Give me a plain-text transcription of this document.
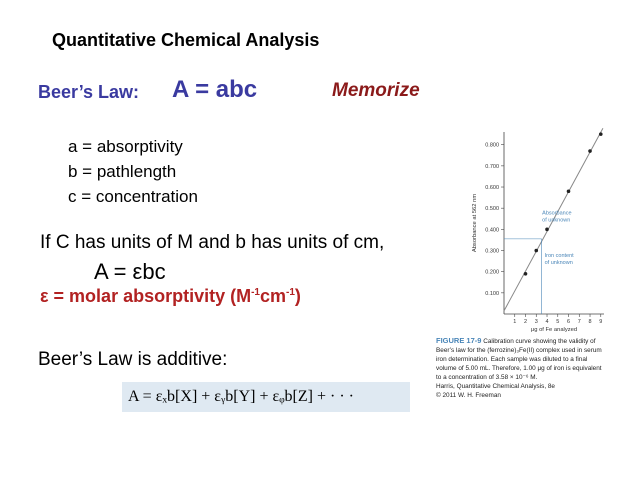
Quantitative Chemical Analysis
Beer’s Law: A = abc	Memorize
a = absorptivity
b = pathlength
c = concentration
If C has units of M and b has units of cm,
A = εbc
ε = molar absorptivity $(M^{-1}cm^{-1})$
Beer’s Law is additive:
A = εₓb[X] + εᵧb[Y] + εᵩb[Z] + · · ·
0.100
0.200
0.300
0.400
0.500
0.600
0.700
0.800
1 2 3 4 5 6 7 8 9
μg of Fe analyzed
Absorbance at 562 nm	Absorbance
of unknown
Iron content
of unknown
FIGURE 17-9 Calibration curve showing the validity of Beer’s law for the (ferrozine)₃Fe(II) complex used in serum iron determination. Each sample was diluted to a final volume of 5.00 mL. Therefore, 1.00 μg of iron is equivalent to a concentration of 3.58 × 10⁻⁶ M.
Harris, Quantitative Chemical Analysis, 8e
© 2011 W. H. Freeman
